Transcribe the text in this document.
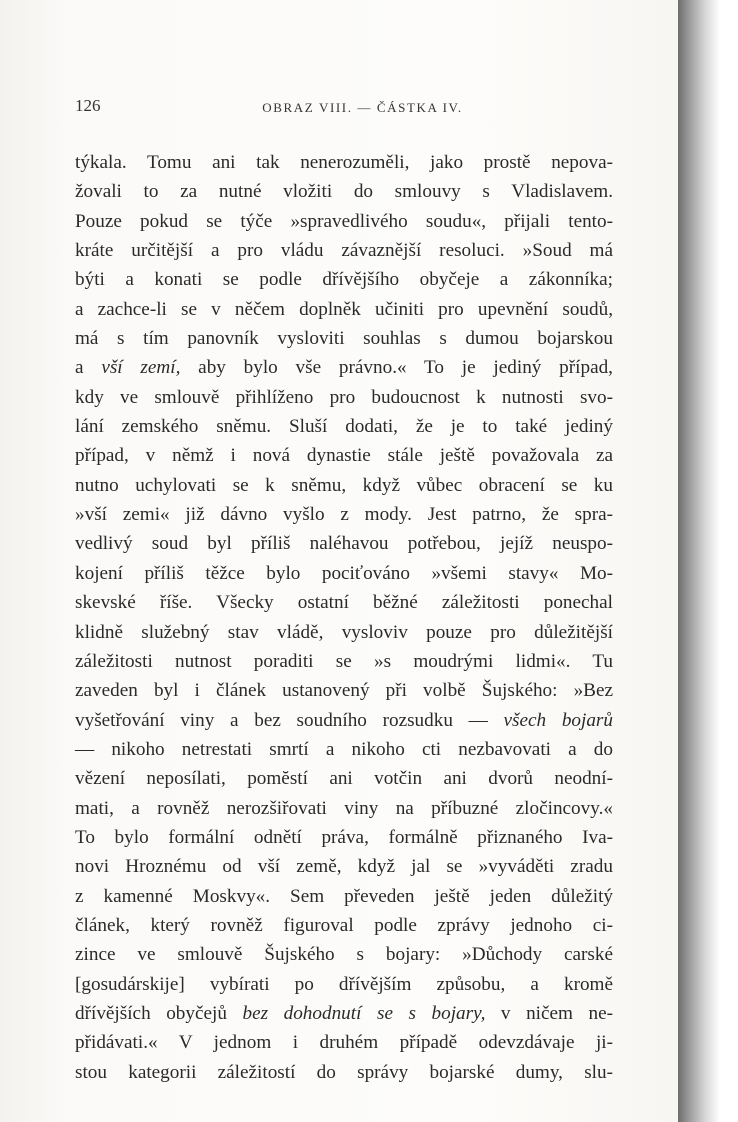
126	OBRAZ VIII. — ČÁSTKA IV.
týkala. Tomu ani tak nenerozuměli, jako prostě nepova-
žovali to za nutné vložiti do smlouvy s Vladislavem.
Pouze pokud se týče »spravedlivého soudu«, přijali tento-
kráte určitější a pro vládu závaznější resoluci. »Soud má
býti a konati se podle dřívějšího obyčeje a zákonníka;
a zachce-li se v něčem doplněk učiniti pro upevnění soudů,
má s tím panovník vysloviti souhlas s dumou bojarskou
a vší zemí, aby bylo vše právno.« To je jediný případ,
kdy ve smlouvě přihlíženo pro budoucnost k nutnosti svo-
lání zemského sněmu. Sluší dodati, že je to také jediný
případ, v němž i nová dynastie stále ještě považovala za
nutno uchylovati se k sněmu, když vůbec obracení se ku
»vší zemi« již dávno vyšlo z mody. Jest patrno, že spra-
vedlivý soud byl příliš naléhavou potřebou, jejíž neuspo-
kojení příliš těžce bylo pociťováno »všemi stavy« Mo-
skevské říše. Všecky ostatní běžné záležitosti ponechal
klidně služebný stav vládě, vysloviv pouze pro důležitější
záležitosti nutnost poraditi se »s moudrými lidmi«. Tu
zaveden byl i článek ustanovený při volbě Šujského: »Bez
vyšetřování viny a bez soudního rozsudku — všech bojarů
— nikoho netrestati smrtí a nikoho cti nezbavovati a do
vězení neposílati, pomĕstí ani votčin ani dvorů neodní-
mati, a rovněž nerozšiřovati viny na příbuzné zločincovy.«
To bylo formální odnětí práva, formálně přiznaného Iva-
novi Hroznému od vší země, když jal se »vyváděti zradu
z kamenné Moskvy«. Sem převeden ještě jeden důležitý
článek, který rovněž figuroval podle zprávy jednoho ci-
zince ve smlouvě Šujského s bojary: »Důchody carské
[gosudárskije] vybírati po dřívějším způsobu, a kromě
dřívějších obyčejů bez dohodnutí se s bojary, v ničem ne-
přidávati.« V jednom i druhém případě odevzdávaje ji-
stou kategorii záležitostí do správy bojarské dumy, slu-
